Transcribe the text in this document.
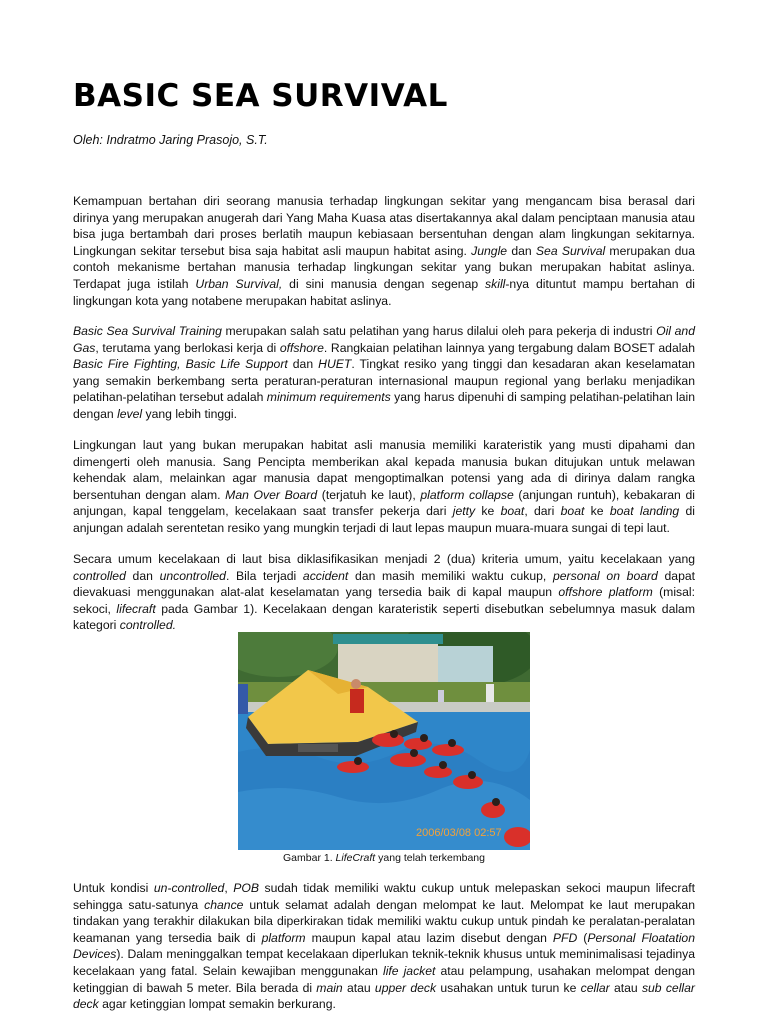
BASIC SEA SURVIVAL
Oleh: Indratmo Jaring Prasojo, S.T.

Kemampuan bertahan diri seorang manusia terhadap lingkungan sekitar yang mengancam bisa berasal dari dirinya yang merupakan anugerah dari Yang Maha Kuasa atas disertakannya akal dalam penciptaan manusia atau bisa juga bertambah dari proses berlatih maupun kebiasaan bersentuhan dengan alam lingkungan sekitarnya. Lingkungan sekitar tersebut bisa saja habitat asli maupun habitat asing. Jungle dan Sea Survival merupakan dua contoh mekanisme bertahan manusia terhadap lingkungan sekitar yang bukan merupakan habitat aslinya. Terdapat juga istilah Urban Survival, di sini manusia dengan segenap skill-nya dituntut mampu bertahan di lingkungan kota yang notabene merupakan habitat aslinya.

Basic Sea Survival Training merupakan salah satu pelatihan yang harus dilalui oleh para pekerja di industri Oil and Gas, terutama yang berlokasi kerja di offshore. Rangkaian pelatihan lainnya yang tergabung dalam BOSET adalah Basic Fire Fighting, Basic Life Support dan HUET. Tingkat resiko yang tinggi dan kesadaran akan keselamatan yang semakin berkembang serta peraturan-peraturan internasional maupun regional yang berlaku menjadikan pelatihan-pelatihan tersebut adalah minimum requirements yang harus dipenuhi di samping pelatihan-pelatihan lain dengan level yang lebih tinggi.

Lingkungan laut yang bukan merupakan habitat asli manusia memiliki karateristik yang musti dipahami dan dimengerti oleh manusia. Sang Pencipta memberikan akal kepada manusia bukan ditujukan untuk melawan kehendak alam, melainkan agar manusia dapat mengoptimalkan potensi yang ada di dirinya dalam rangka bersentuhan dengan alam. Man Over Board (terjatuh ke laut), platform collapse (anjungan runtuh), kebakaran di anjungan, kapal tenggelam, kecelakaan saat transfer pekerja dari jetty ke boat, dari boat ke boat landing di anjungan adalah serentetan resiko yang mungkin terjadi di laut lepas maupun muara-muara sungai di tepi laut.

Secara umum kecelakaan di laut bisa diklasifikasikan menjadi 2 (dua) kriteria umum, yaitu kecelakaan yang controlled dan uncontrolled. Bila terjadi accident dan masih memiliki waktu cukup, personal on board dapat dievakuasi menggunakan alat-alat keselamatan yang tersedia baik di kapal maupun offshore platform (misal: sekoci, lifecraft pada Gambar 1). Kecelakaan dengan karateristik seperti disebutkan sebelumnya masuk dalam kategori controlled.

2006/03/08 02:57
Gambar 1. LifeCraft yang telah terkembang

Untuk kondisi un-controlled, POB sudah tidak memiliki waktu cukup untuk melepaskan sekoci maupun lifecraft sehingga satu-satunya chance untuk selamat adalah dengan melompat ke laut. Melompat ke laut merupakan tindakan yang terakhir dilakukan bila diperkirakan tidak memiliki waktu cukup untuk pindah ke peralatan-peralatan keamanan yang tersedia baik di platform maupun kapal atau lazim disebut dengan PFD (Personal Floatation Devices). Dalam meninggalkan tempat kecelakaan diperlukan teknik-teknik khusus untuk meminimalisasi tejadinya kecelakaan yang fatal. Selain kewajiban menggunakan life jacket atau pelampung, usahakan melompat dengan ketinggian di bawah 5 meter. Bila berada di main atau upper deck usahakan untuk turun ke cellar atau sub cellar deck agar ketinggian lompat semakin berkurang.
